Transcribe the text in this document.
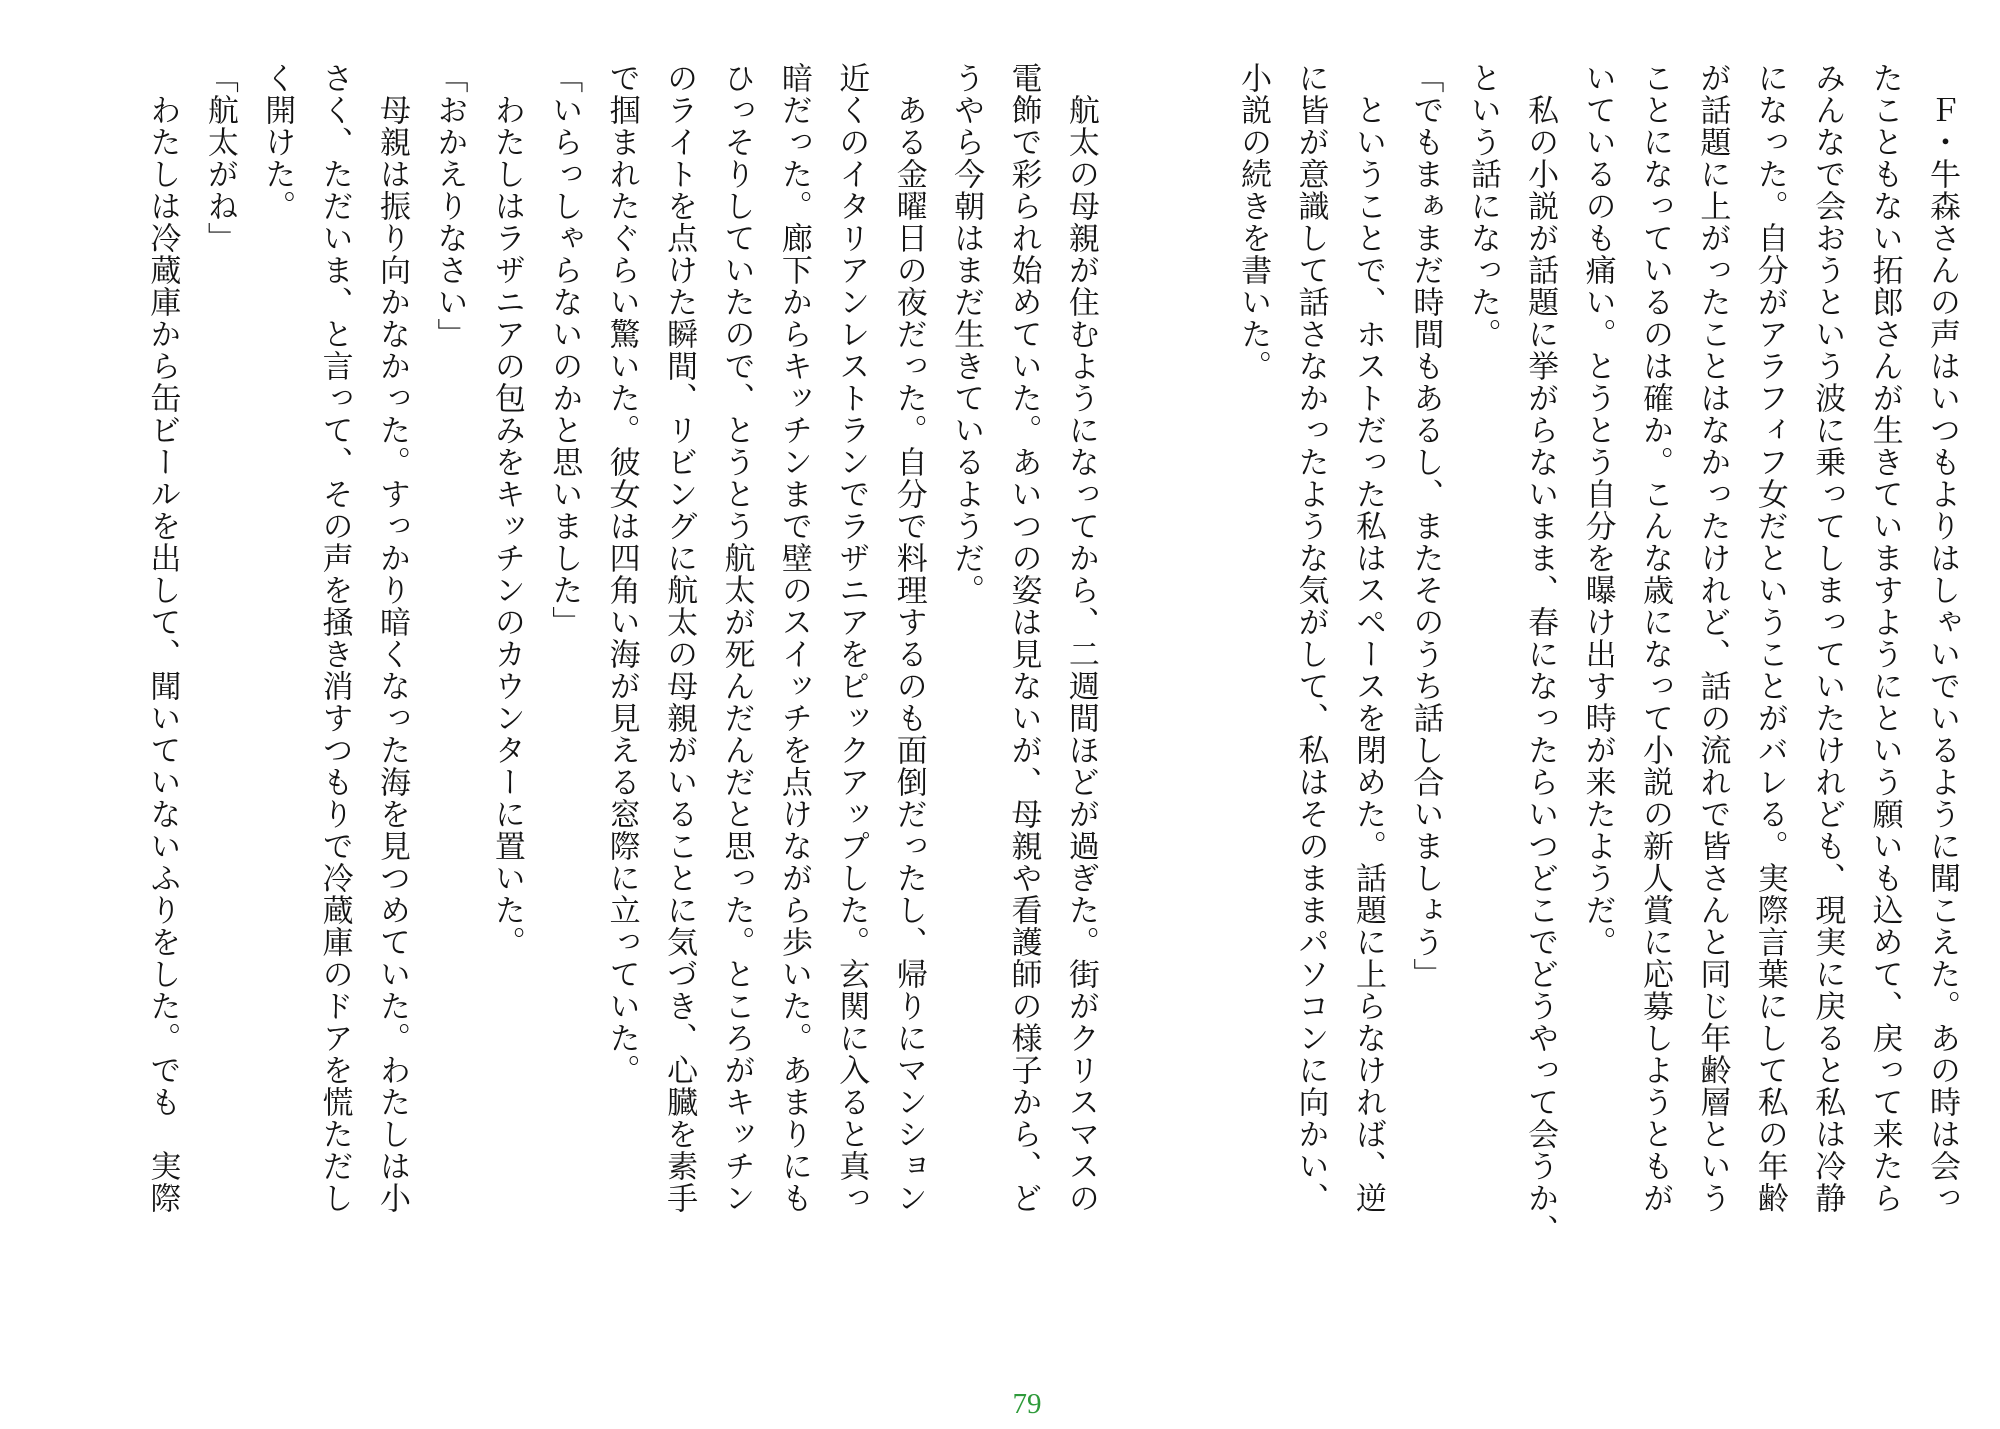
　Ｆ・牛森さんの声はいつもよりはしゃいでいるように聞こえた。あの時は会っ
たこともない拓郎さんが生きていますようにという願いも込めて、戻って来たら
みんなで会おうという波に乗ってしまっていたけれども、現実に戻ると私は冷静
になった。自分がアラフィフ女だということがバレる。実際言葉にして私の年齢
が話題に上がったことはなかったけれど、話の流れで皆さんと同じ年齢層という
ことになっているのは確か。こんな歳になって小説の新人賞に応募しようともが
いているのも痛い。とうとう自分を曝け出す時が来たようだ。
　私の小説が話題に挙がらないまま、春になったらいつどこでどうやって会うか、
という話になった。
「でもまぁまだ時間もあるし、またそのうち話し合いましょう」
　ということで、ホストだった私はスペースを閉めた。話題に上らなければ、逆
に皆が意識して話さなかったような気がして、私はそのままパソコンに向かい、
小説の続きを書いた。

　航太の母親が住むようになってから、二週間ほどが過ぎた。街がクリスマスの
電飾で彩られ始めていた。あいつの姿は見ないが、母親や看護師の様子から、ど
うやら今朝はまだ生きているようだ。
　ある金曜日の夜だった。自分で料理するのも面倒だったし、帰りにマンション
近くのイタリアンレストランでラザニアをピックアップした。玄関に入ると真っ
暗だった。廊下からキッチンまで壁のスイッチを点けながら歩いた。あまりにも
ひっそりしていたので、とうとう航太が死んだんだと思った。ところがキッチン
のライトを点けた瞬間、リビングに航太の母親がいることに気づき、心臓を素手
で掴まれたぐらい驚いた。彼女は四角い海が見える窓際に立っていた。
「いらっしゃらないのかと思いました」
　わたしはラザニアの包みをキッチンのカウンターに置いた。
「おかえりなさい」
　母親は振り向かなかった。すっかり暗くなった海を見つめていた。わたしは小
さく、ただいま、と言って、その声を掻き消すつもりで冷蔵庫のドアを慌ただし
く開けた。
「航太がね」
　わたしは冷蔵庫から缶ビールを出して、聞いていないふりをした。でも　実際
79
